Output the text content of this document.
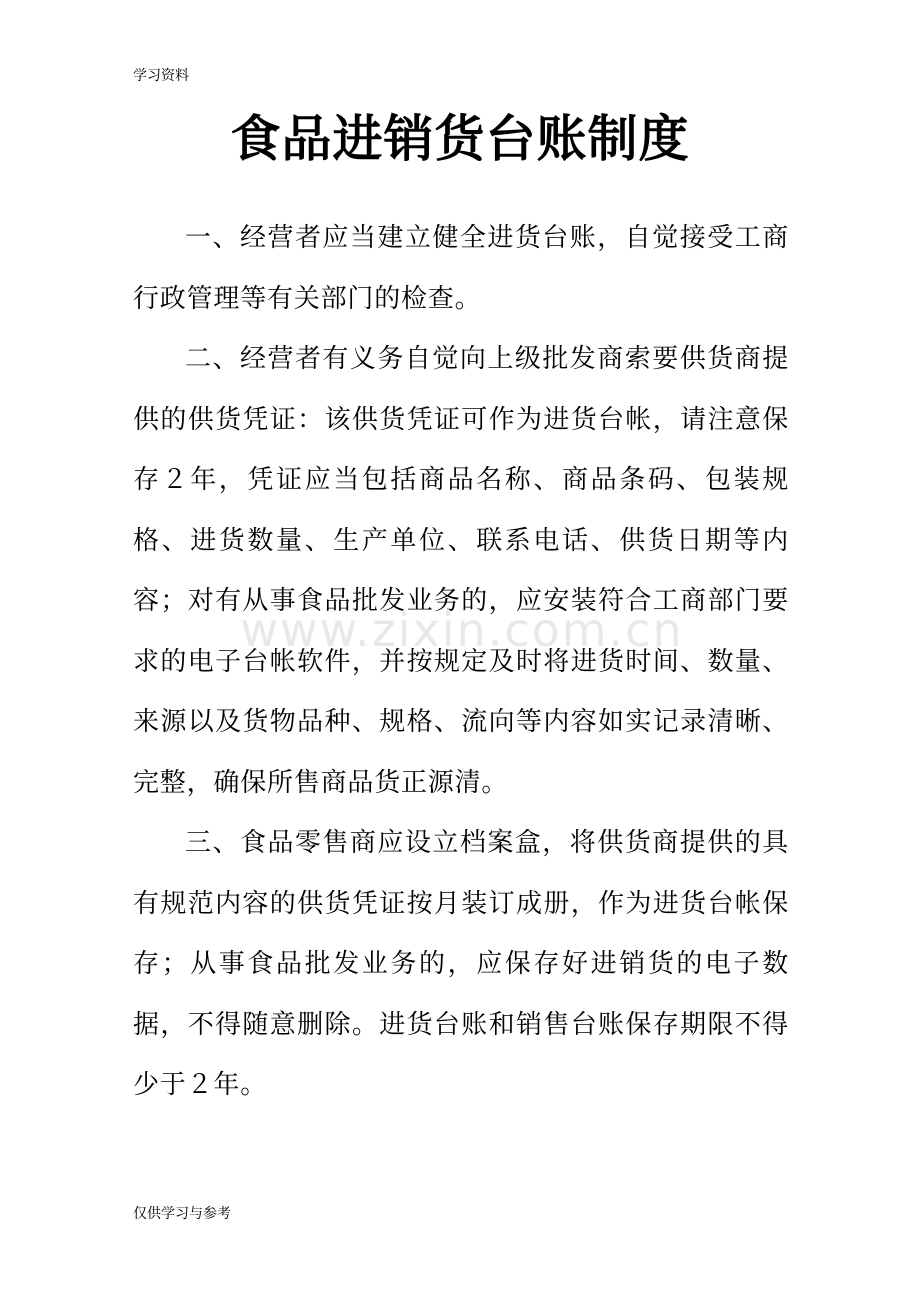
学习资料
食品进销货台账制度

一、经营者应当建立健全进货台账，自觉接受工商行政管理等有关部门的检查。

二、经营者有义务自觉向上级批发商索要供货商提供的供货凭证：该供货凭证可作为进货台帐，请注意保存２年，凭证应当包括商品名称、商品条码、包装规格、进货数量、生产单位、联系电话、供货日期等内容；对有从事食品批发业务的，应安装符合工商部门要求的电子台帐软件，并按规定及时将进货时间、数量、来源以及货物品种、规格、流向等内容如实记录清晰、完整，确保所售商品货正源清。

三、食品零售商应设立档案盒，将供货商提供的具有规范内容的供货凭证按月装订成册，作为进货台帐保存；从事食品批发业务的，应保存好进销货的电子数据，不得随意删除。进货台账和销售台账保存期限不得少于２年。

www.zixin.com.cn
仅供学习与参考
